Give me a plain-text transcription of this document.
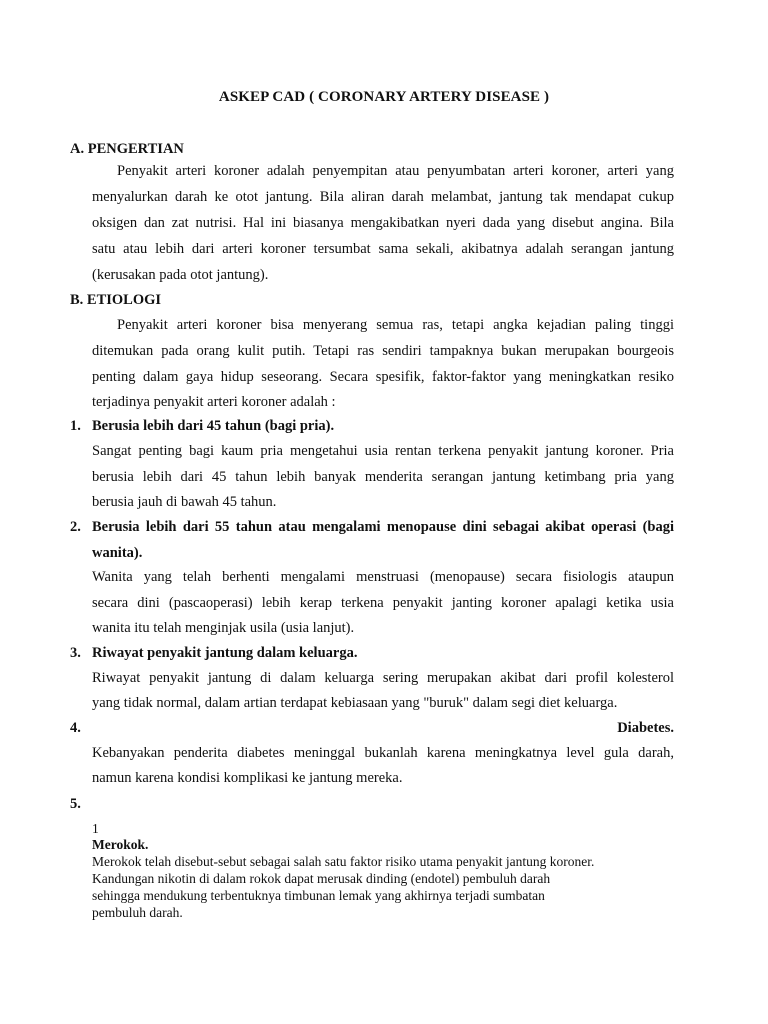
ASKEP CAD ( CORONARY ARTERY DISEASE )
A. PENGERTIAN
Penyakit arteri koroner adalah penyempitan atau penyumbatan arteri koroner, arteri yang
menyalurkan darah ke otot jantung. Bila aliran darah melambat, jantung tak mendapat cukup
oksigen dan zat nutrisi. Hal ini biasanya mengakibatkan nyeri dada yang disebut angina. Bila
satu atau lebih dari arteri koroner tersumbat sama sekali, akibatnya adalah serangan jantung
(kerusakan pada otot jantung).
B. ETIOLOGI
Penyakit arteri koroner bisa menyerang semua ras, tetapi angka kejadian paling tinggi
ditemukan pada orang kulit putih. Tetapi ras sendiri tampaknya bukan merupakan bourgeois
penting dalam gaya hidup seseorang. Secara spesifik, faktor-faktor yang meningkatkan resiko
terjadinya penyakit arteri koroner adalah :
1. Berusia lebih dari 45 tahun (bagi pria).
Sangat penting bagi kaum pria mengetahui usia rentan terkena penyakit jantung koroner. Pria
berusia lebih dari 45 tahun lebih banyak menderita serangan jantung ketimbang pria yang
berusia jauh di bawah 45 tahun.
2. Berusia lebih dari 55 tahun atau mengalami menopause dini sebagai akibat operasi (bagi
wanita).
Wanita yang telah berhenti mengalami menstruasi (menopause) secara fisiologis ataupun
secara dini (pascaoperasi) lebih kerap terkena penyakit janting koroner apalagi ketika usia
wanita itu telah menginjak usila (usia lanjut).
3. Riwayat penyakit jantung dalam keluarga.
Riwayat penyakit jantung di dalam keluarga sering merupakan akibat dari profil kolesterol
yang tidak normal, dalam artian terdapat kebiasaan yang "buruk" dalam segi diet keluarga.
4.	Diabetes.
Kebanyakan penderita diabetes meninggal bukanlah karena meningkatnya level gula darah,
namun karena kondisi komplikasi ke jantung mereka.
5.
1
Merokok.
Merokok telah disebut-sebut sebagai salah satu faktor risiko utama penyakit jantung koroner.
Kandungan nikotin di dalam rokok dapat merusak dinding (endotel) pembuluh darah
sehingga mendukung terbentuknya timbunan lemak yang akhirnya terjadi sumbatan
pembuluh darah.
